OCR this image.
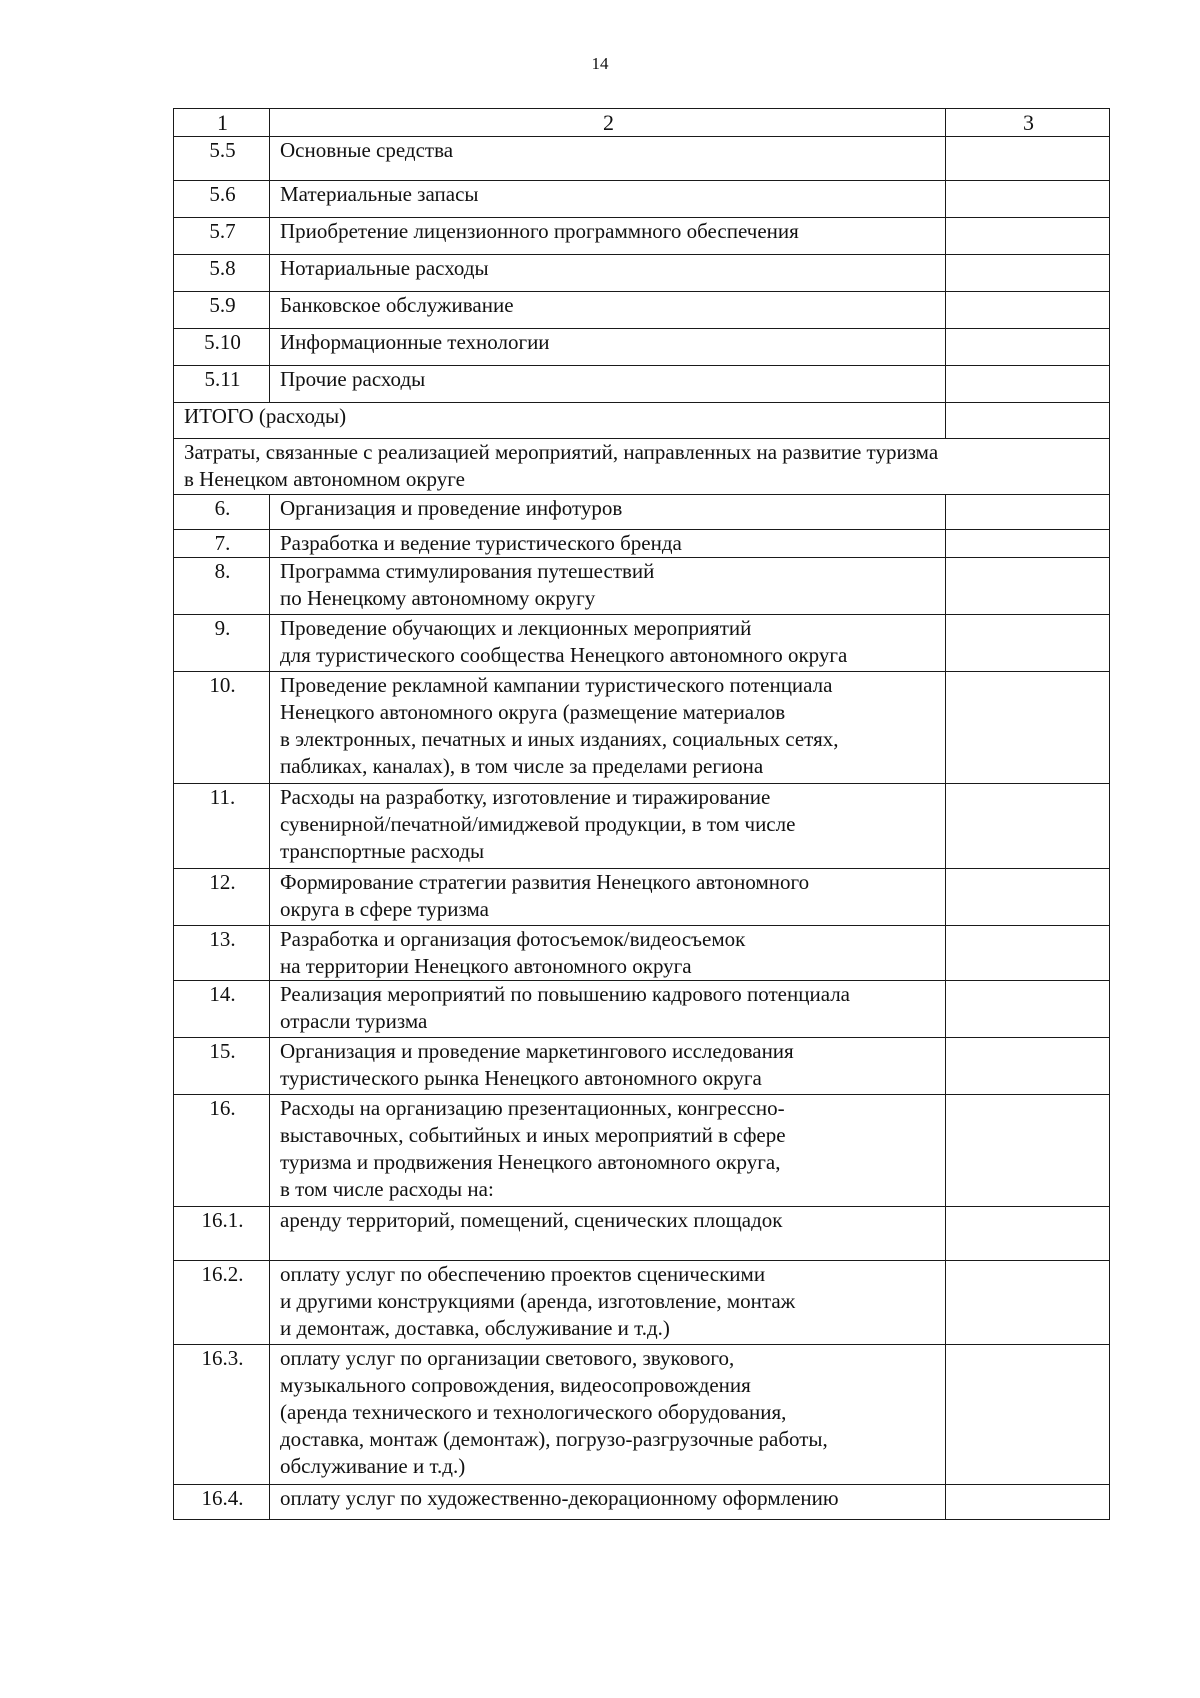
14
1	2	3
5.5	Основные средства	

5.6	Материальные запасы	

5.7	Приобретение лицензионного программного обеспечения	

5.8	Нотариальные расходы	

5.9	Банковское обслуживание	

5.10	Информационные технологии	

5.11	Прочие расходы	

ИТОГО (расходы)		

Затраты, связанные с реализацией мероприятий, направленных на развитие туризма
в Ненецком автономном округе		

6.	Организация и проведение инфотуров	

7.	Разработка и ведение туристического бренда	

8.	Программа стимулирования путешествий
по Ненецкому автономному округу	

9.	Проведение обучающих и лекционных мероприятий
для туристического сообщества Ненецкого автономного округа	

10.	Проведение рекламной кампании туристического потенциала
Ненецкого автономного округа (размещение материалов
в электронных, печатных и иных изданиях, социальных сетях,
пабликах, каналах), в том числе за пределами региона	

11.	Расходы на разработку, изготовление и тиражирование
сувенирной/печатной/имиджевой продукции, в том числе
транспортные расходы	

12.	Формирование стратегии развития Ненецкого автономного
округа в сфере туризма	

13.	Разработка и организация фотосъемок/видеосъемок
на территории Ненецкого автономного округа	

14.	Реализация мероприятий по повышению кадрового потенциала
отрасли туризма	

15.	Организация и проведение маркетингового исследования
туристического рынка Ненецкого автономного округа	

16.	Расходы на организацию презентационных, конгрессно-
выставочных, событийных и иных мероприятий в сфере
туризма и продвижения Ненецкого автономного округа,
в том числе расходы на:	

16.1.	аренду территорий, помещений, сценических площадок	

16.2.	оплату услуг по обеспечению проектов сценическими
и другими конструкциями (аренда, изготовление, монтаж
и демонтаж, доставка, обслуживание и т.д.)	

16.3.	оплату услуг по организации светового, звукового,
музыкального сопровождения, видеосопровождения
(аренда технического и технологического оборудования,
доставка, монтаж (демонтаж), погрузо-разгрузочные работы,
обслуживание и т.д.)	

16.4.	оплату услуг по художественно-декорационному оформлению	
